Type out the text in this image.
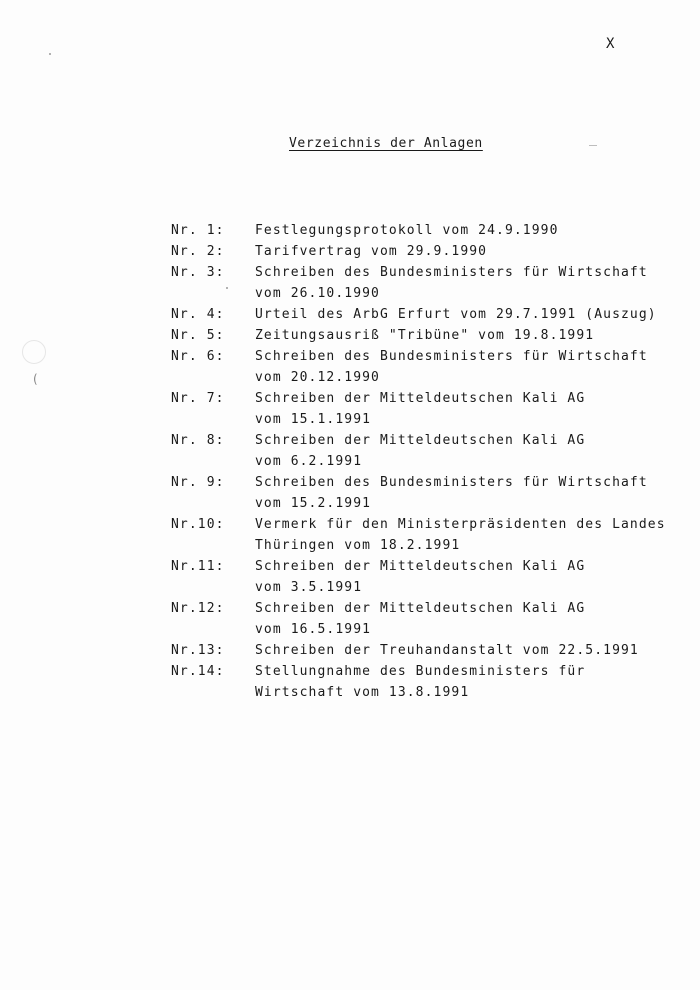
(
X
Verzeichnis der Anlagen
Nr. 1:	Festlegungsprotokoll vom 24.9.1990
Nr. 2:	Tarifvertrag vom 29.9.1990
Nr. 3:	Schreiben des Bundesministers für Wirtschaft
vom 26.10.1990
Nr. 4:	Urteil des ArbG Erfurt vom 29.7.1991 (Auszug)
Nr. 5:	Zeitungsausriß "Tribüne" vom 19.8.1991
Nr. 6:	Schreiben des Bundesministers für Wirtschaft
vom 20.12.1990
Nr. 7:	Schreiben der Mitteldeutschen Kali AG
vom 15.1.1991
Nr. 8:	Schreiben der Mitteldeutschen Kali AG
vom 6.2.1991
Nr. 9:	Schreiben des Bundesministers für Wirtschaft
vom 15.2.1991
Nr.10:	Vermerk für den Ministerpräsidenten des Landes
Thüringen vom 18.2.1991
Nr.11:	Schreiben der Mitteldeutschen Kali AG
vom 3.5.1991
Nr.12:	Schreiben der Mitteldeutschen Kali AG
vom 16.5.1991
Nr.13:	Schreiben der Treuhandanstalt vom 22.5.1991
Nr.14:	Stellungnahme des Bundesministers für
Wirtschaft vom 13.8.1991
